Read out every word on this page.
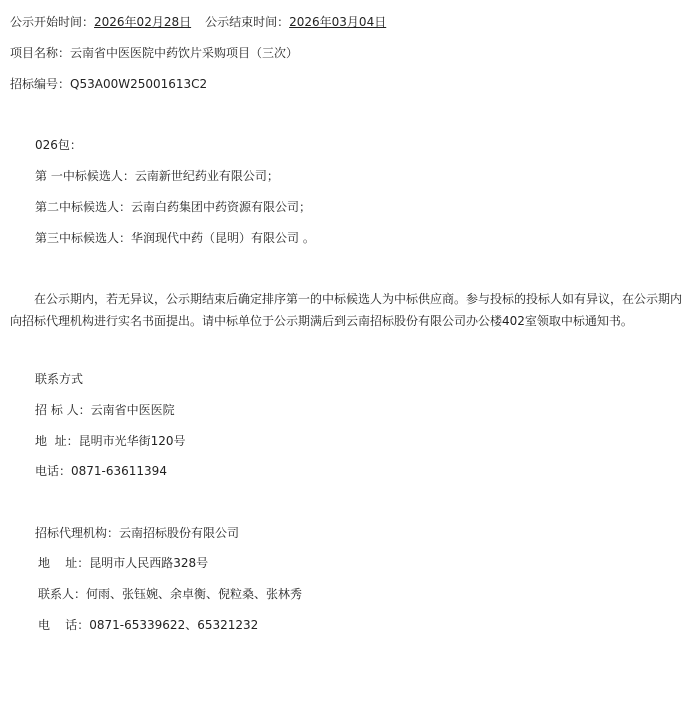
公示开始时间：2026年02月28日 公示结束时间：2026年03月04日
项目名称：云南省中医医院中药饮片采购项目（三次）
招标编号：Q53A00W25001613C2
026包：
第 一中标候选人：云南新世纪药业有限公司；
第二中标候选人：云南白药集团中药资源有限公司；
第三中标候选人：华润现代中药（昆明）有限公司 。
在公示期内，若无异议，公示期结束后确定排序第一的中标候选人为中标供应商。参与投标的投标人如有异议，在公示期内向招标代理机构进行实名书面提出。请中标单位于公示期满后到云南招标股份有限公司办公楼402室领取中标通知书。
联系方式
招 标 人：云南省中医医院
地  址：昆明市光华街120号
电话：0871-63611394
招标代理机构：云南招标股份有限公司
地    址：昆明市人民西路328号
联系人：何雨、张钰婉、余卓衡、倪粒桑、张林秀
电    话：0871-65339622、65321232
